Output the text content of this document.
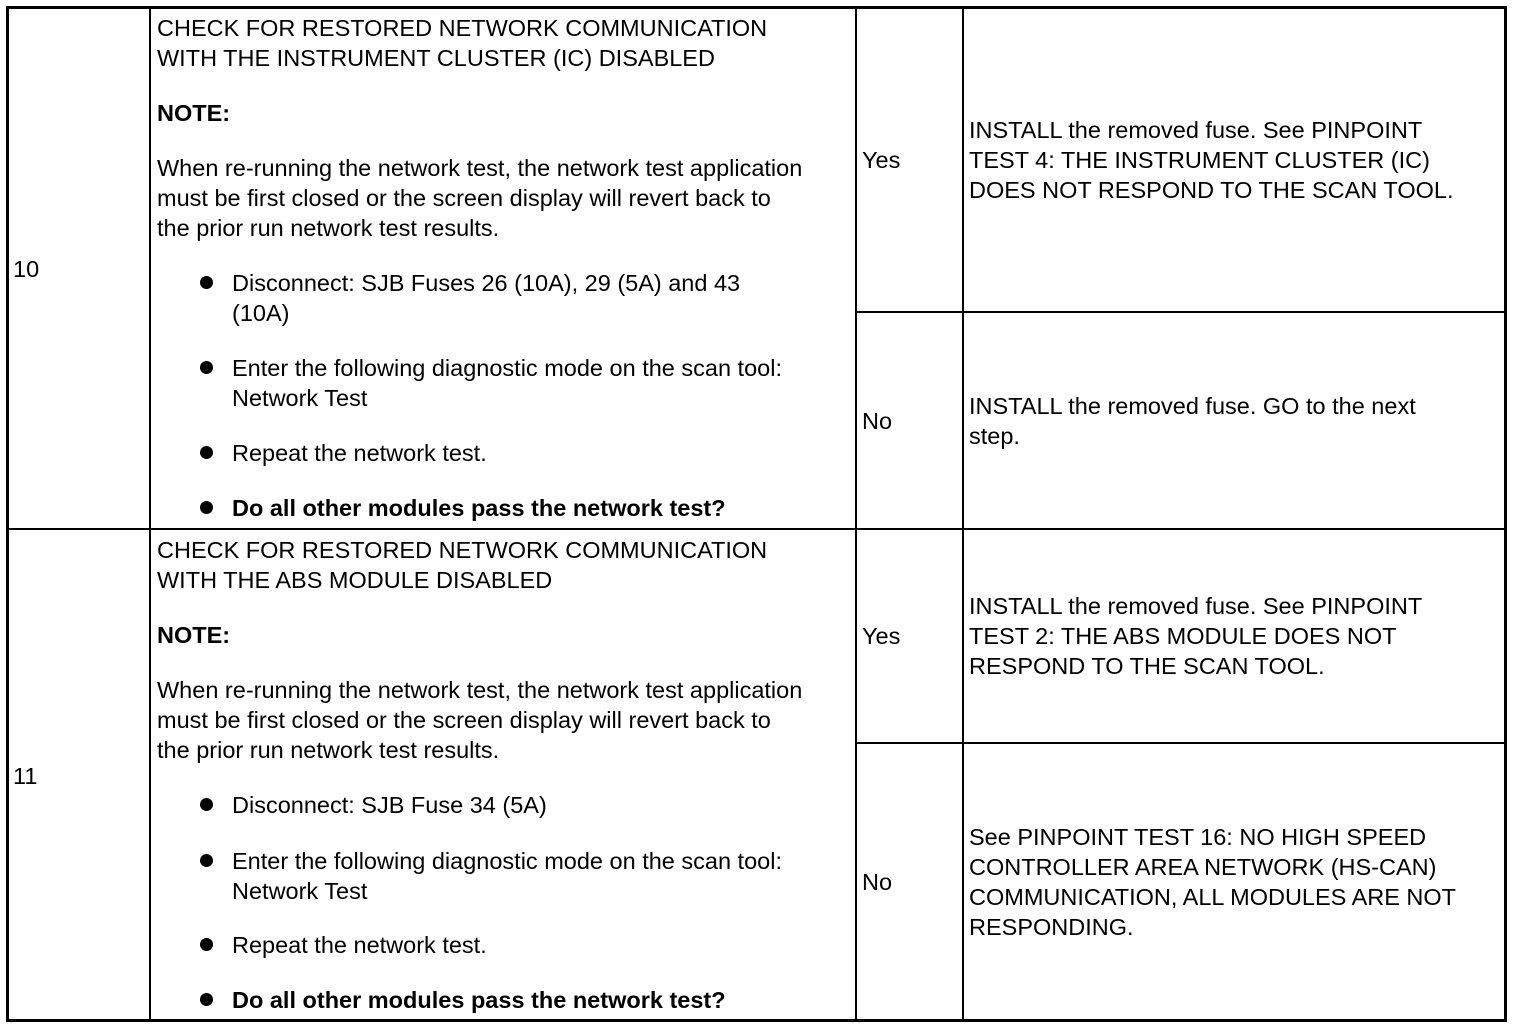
10
CHECK FOR RESTORED NETWORK COMMUNICATION
WITH THE INSTRUMENT CLUSTER (IC) DISABLED
NOTE:
When re-running the network test, the network test application
must be first closed or the screen display will revert back to
the prior run network test results.
Disconnect: SJB Fuses 26 (10A), 29 (5A) and 43
(10A)
Enter the following diagnostic mode on the scan tool:
Network Test
Repeat the network test.
Do all other modules pass the network test?
Yes
INSTALL the removed fuse. See PINPOINT
TEST 4: THE INSTRUMENT CLUSTER (IC)
DOES NOT RESPOND TO THE SCAN TOOL.
No
INSTALL the removed fuse. GO to the next
step.
11
CHECK FOR RESTORED NETWORK COMMUNICATION
WITH THE ABS MODULE DISABLED
NOTE:
When re-running the network test, the network test application
must be first closed or the screen display will revert back to
the prior run network test results.
Disconnect: SJB Fuse 34 (5A)
Enter the following diagnostic mode on the scan tool:
Network Test
Repeat the network test.
Do all other modules pass the network test?
Yes
INSTALL the removed fuse. See PINPOINT
TEST 2: THE ABS MODULE DOES NOT
RESPOND TO THE SCAN TOOL.
No
See PINPOINT TEST 16: NO HIGH SPEED
CONTROLLER AREA NETWORK (HS-CAN)
COMMUNICATION, ALL MODULES ARE NOT
RESPONDING.
